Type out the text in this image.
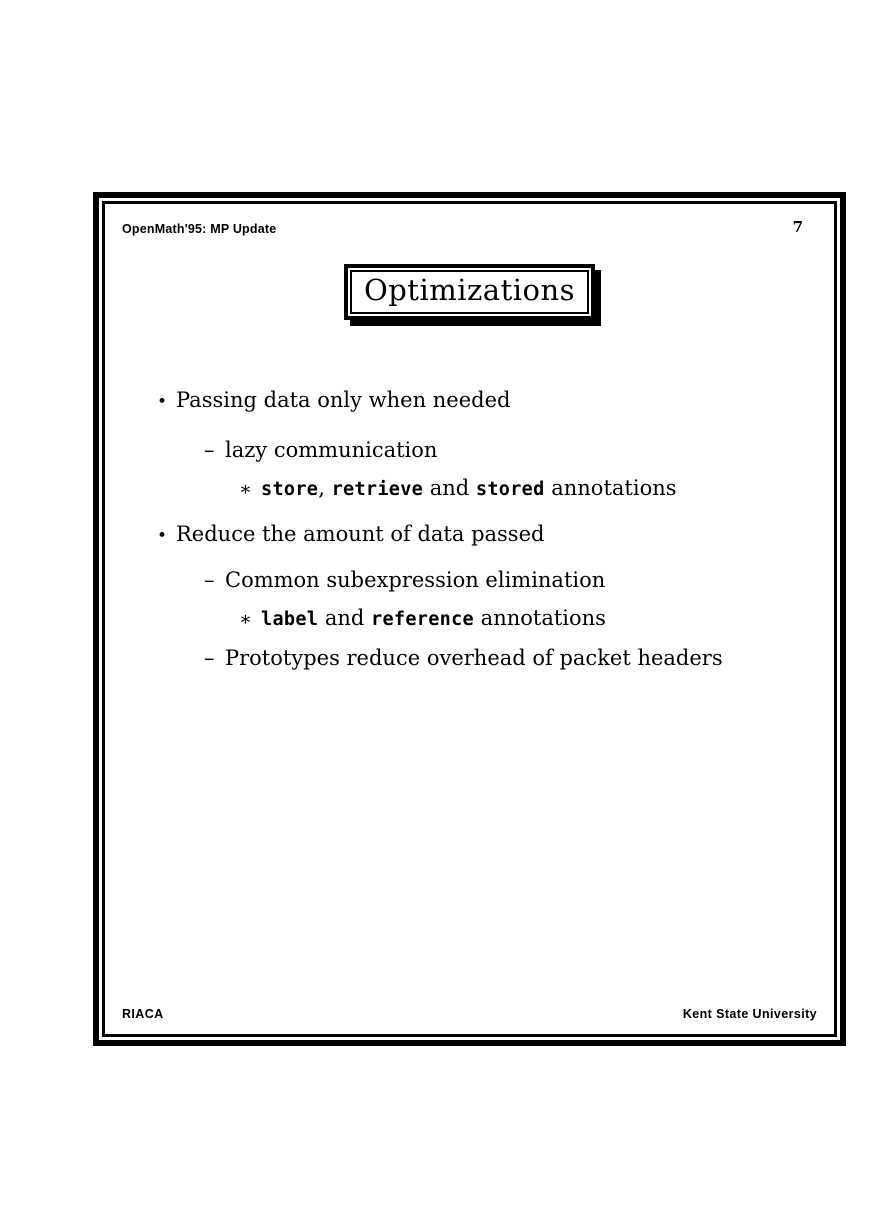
OpenMath'95: MP Update	7
Optimizations
• Passing data only when needed
– lazy communication
∗ store, retrieve and stored annotations
• Reduce the amount of data passed
– Common subexpression elimination
∗ label and reference annotations
– Prototypes reduce overhead of packet headers
RIACA	Kent State University
